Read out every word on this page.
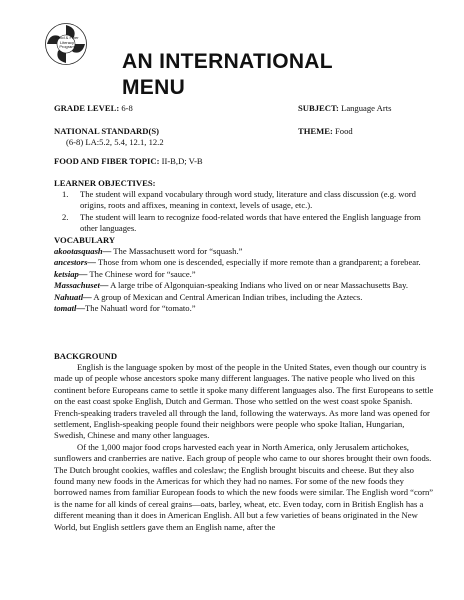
Food & Fiber
Literacy
Program
AN INTERNATIONAL MENU
GRADE LEVEL: 6-8	SUBJECT: Language Arts
NATIONAL STANDARD(S)	THEME: Food
(6-8) LA:5.2, 5.4, 12.1, 12.2
FOOD AND FIBER TOPIC: II-B,D; V-B
LEARNER OBJECTIVES:
1. The student will expand vocabulary through word study, literature and class discussion (e.g. word origins, roots and affixes, meaning in context, levels of usage, etc.).
2. The student will learn to recognize food-related words that have entered the English language from other languages.
VOCABULARY
akootasquash— The Massachusett word for “squash.”
ancestors— Those from whom one is descended, especially if more remote than a grandparent; a forebear.
ketsiap— The Chinese word for “sauce.”
Massachuset— A large tribe of Algonquian-speaking Indians who lived on or near Massachusetts Bay.
Nahuatl— A group of Mexican and Central American Indian tribes, including the Aztecs.
tomatl—The Nahuatl word for “tomato.”
BACKGROUND

English is the language spoken by most of the people in the United States, even though our country is made up of people whose ancestors spoke many different languages. The native people who lived on this continent before Europeans came to settle it spoke many different languages also. The first Europeans to settle on the east coast spoke English, Dutch and German. Those who settled on the west coast spoke Spanish. French-speaking traders traveled all through the land, following the waterways. As more land was opened for settlement, English-speaking people found their neighbors were people who spoke Italian, Hungarian, Swedish, Chinese and many other languages.

Of the 1,000 major food crops harvested each year in North America, only Jerusalem artichokes, sunflowers and cranberries are native. Each group of people who came to our shores brought their own foods. The Dutch brought cookies, waffles and coleslaw; the English brought biscuits and cheese. But they also found many new foods in the Americas for which they had no names. For some of the new foods they borrowed names from familiar European foods to which the new foods were similar. The English word “corn” is the name for all kinds of cereal grains—oats, barley, wheat, etc. Even today, corn in British English has a different meaning than it does in American English. All but a few varieties of beans originated in the New World, but English settlers gave them an English name, after the
